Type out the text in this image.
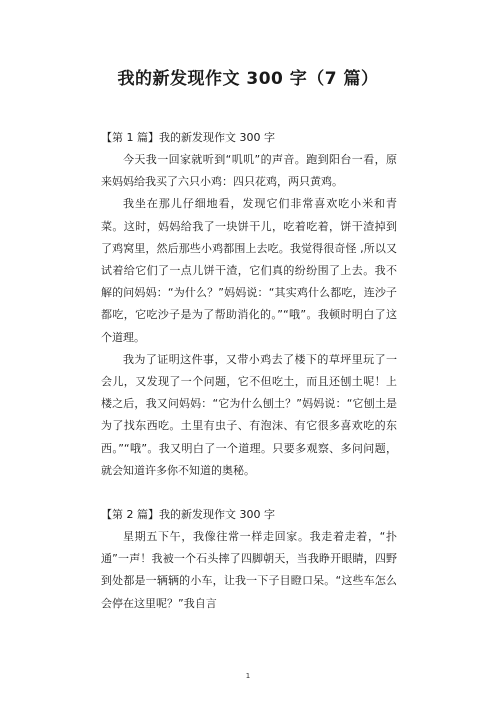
我的新发现作文 300 字（7 篇）

【第 1 篇】我的新发现作文 300 字

今天我一回家就听到“叽叽”的声音。跑到阳台一看，原来妈妈给我买了六只小鸡：四只花鸡，两只黄鸡。

我坐在那儿仔细地看，发现它们非常喜欢吃小米和青菜。这时，妈妈给我了一块饼干儿，吃着吃着，饼干渣掉到了鸡窝里，然后那些小鸡都围上去吃。我觉得很奇怪 ,所以又试着给它们了一点儿饼干渣，它们真的纷纷围了上去。我不解的问妈妈：“为什么？”妈妈说：“其实鸡什么都吃，连沙子都吃，它吃沙子是为了帮助消化的。”“哦”。我顿时明白了这个道理。

我为了证明这件事，又带小鸡去了楼下的草坪里玩了一会儿，又发现了一个问题，它不但吃土，而且还刨土呢！上楼之后，我又问妈妈：“它为什么刨土？”妈妈说：“它刨土是为了找东西吃。土里有虫子、有泡沫、有它很多喜欢吃的东西。”“哦”。我又明白了一个道理。只要多观察、多问问题，就会知道许多你不知道的奥秘。

【第 2 篇】我的新发现作文 300 字

星期五下午，我像往常一样走回家。我走着走着，“扑通”一声！我被一个石头摔了四脚朝天，当我睁开眼睛，四野到处都是一辆辆的小车，让我一下子目瞪口呆。“这些车怎么会停在这里呢？”我自言

1
